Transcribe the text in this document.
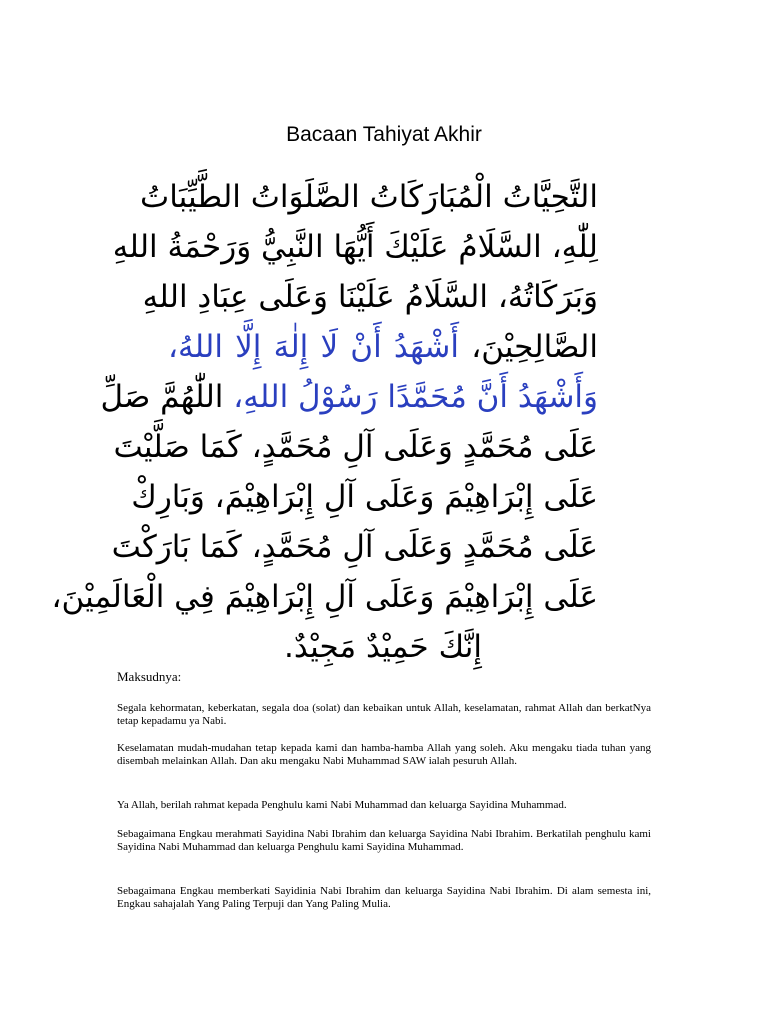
Bacaan Tahiyat Akhir
التَّحِيَّاتُ الْمُبَارَكَاتُ الصَّلَوَاتُ الطَّيِّبَاتُ
لِلّٰهِ، السَّلَامُ عَلَيْكَ أَيُّهَا النَّبِيُّ وَرَحْمَةُ اللهِ
وَبَرَكَاتُهُ، السَّلَامُ عَلَيْنَا وَعَلَى عِبَادِ اللهِ
الصَّالِحِيْنَ، أَشْهَدُ أَنْ لَا إِلٰهَ إِلَّا اللهُ،
وَأَشْهَدُ أَنَّ مُحَمَّدًا رَسُوْلُ اللهِ، اللّٰهُمَّ صَلِّ
عَلَى مُحَمَّدٍ وَعَلَى آلِ مُحَمَّدٍ، كَمَا صَلَّيْتَ
عَلَى إِبْرَاهِيْمَ وَعَلَى آلِ إِبْرَاهِيْمَ، وَبَارِكْ
عَلَى مُحَمَّدٍ وَعَلَى آلِ مُحَمَّدٍ، كَمَا بَارَكْتَ
عَلَى إِبْرَاهِيْمَ وَعَلَى آلِ إِبْرَاهِيْمَ فِي الْعَالَمِيْنَ،
إِنَّكَ حَمِيْدٌ مَجِيْدٌ.
Maksudnya:

Segala kehormatan, keberkatan, segala doa (solat) dan kebaikan untuk Allah, keselamatan, rahmat Allah dan berkatNya tetap kepadamu ya Nabi.

Keselamatan mudah-mudahan tetap kepada kami dan hamba-hamba Allah yang soleh. Aku mengaku tiada tuhan yang disembah melainkan Allah. Dan aku mengaku Nabi Muhammad SAW ialah pesuruh Allah.

Ya Allah, berilah rahmat kepada Penghulu kami Nabi Muhammad dan keluarga Sayidina Muhammad.

Sebagaimana Engkau merahmati Sayidina Nabi Ibrahim dan keluarga Sayidina Nabi Ibrahim. Berkatilah penghulu kami Sayidina Nabi Muhammad dan keluarga Penghulu kami Sayidina Muhammad.

Sebagaimana Engkau memberkati Sayidinia Nabi Ibrahim dan keluarga Sayidina Nabi Ibrahim. Di alam semesta ini, Engkau sahajalah Yang Paling Terpuji dan Yang Paling Mulia.
